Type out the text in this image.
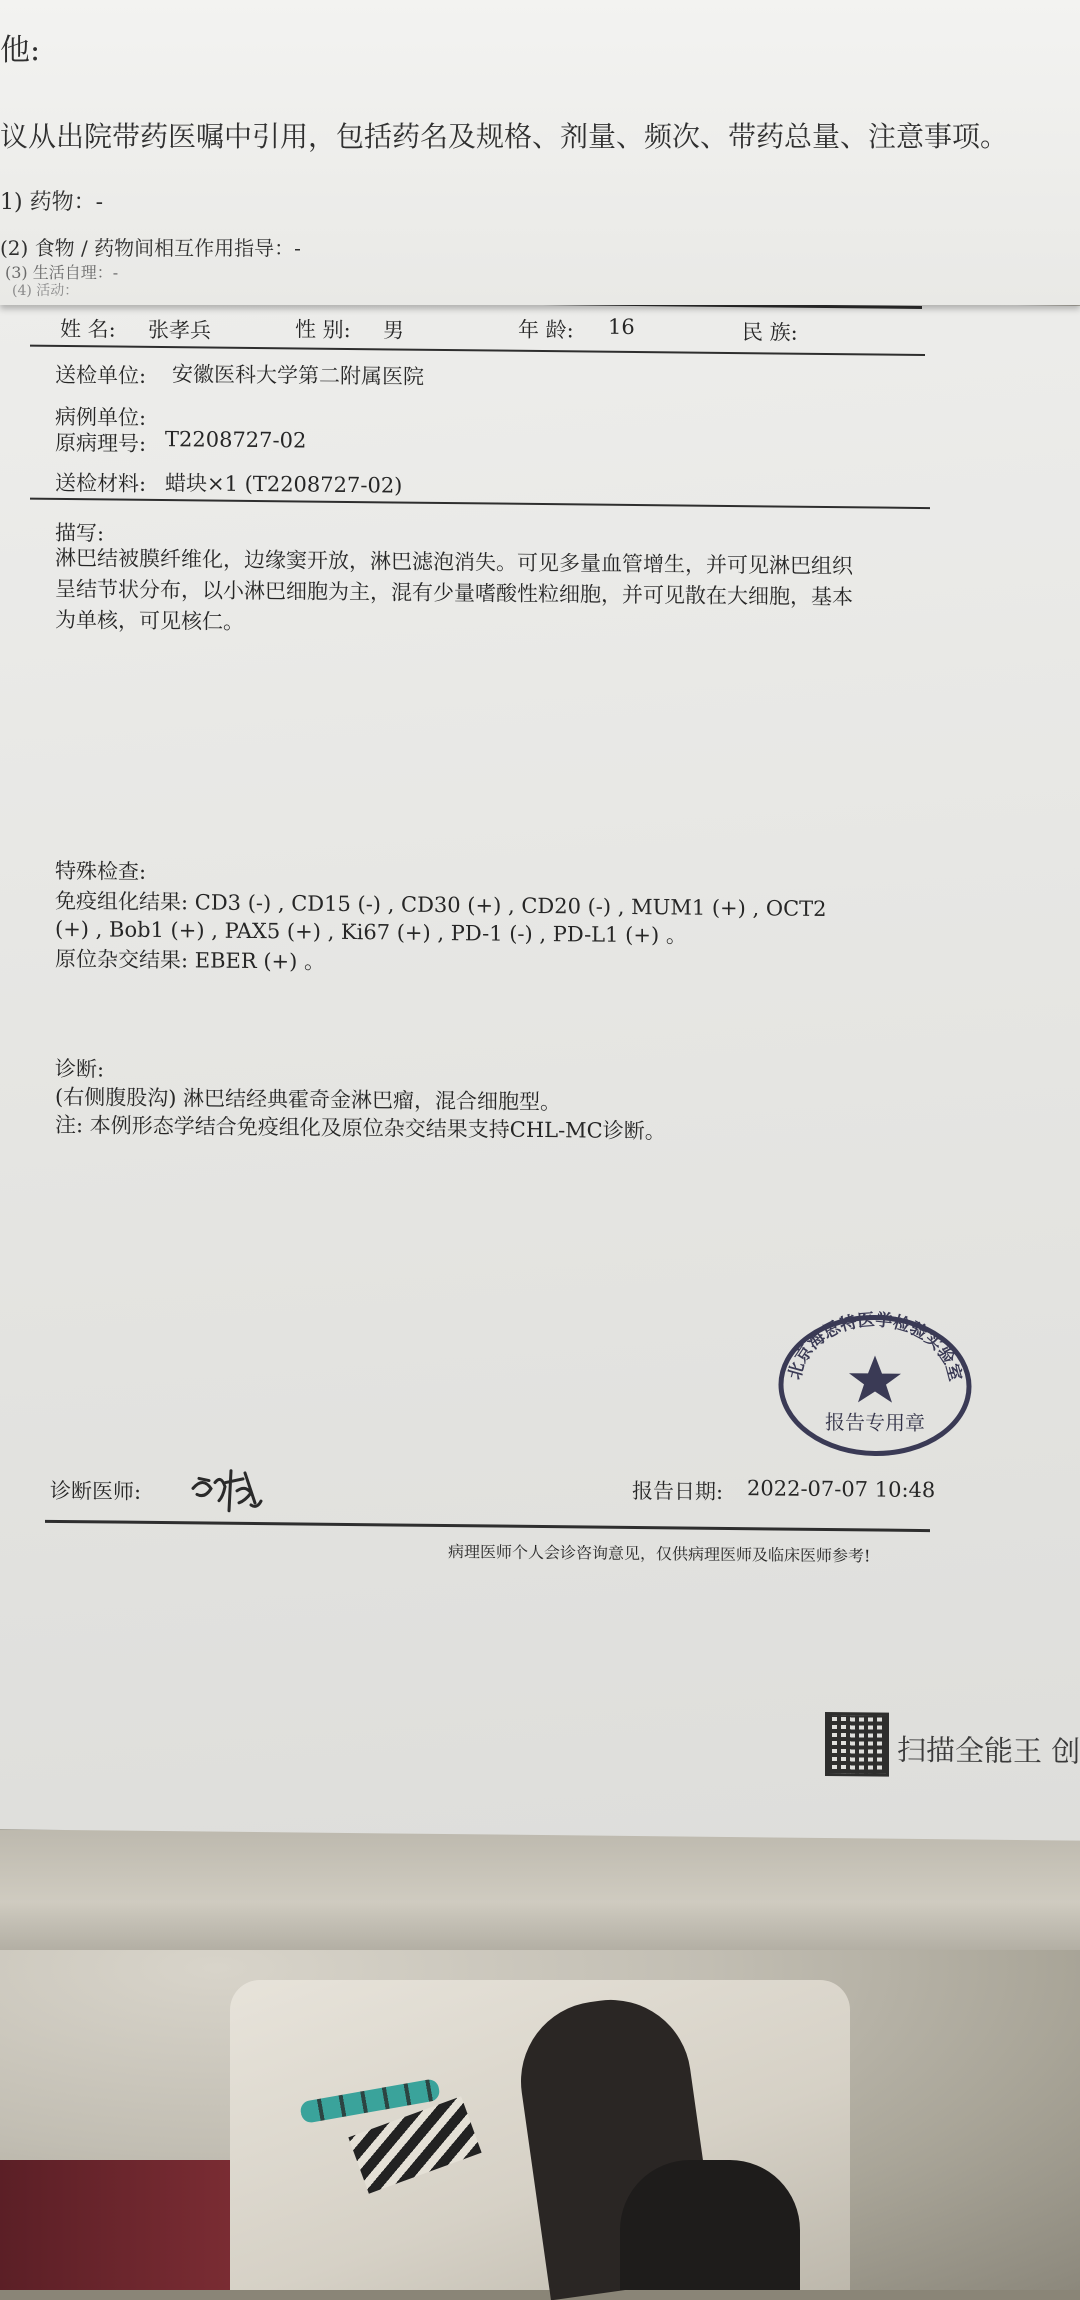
他:
议从出院带药医嘱中引用，包括药名及规格、剂量、频次、带药总量、注意事项。
1) 药物：-
(2) 食物 / 药物间相互作用指导：-
(3) 生活自理：-
(4) 活动：
姓 名: 张孝兵	性 别: 男	年 龄: 16	民 族:
送检单位: 安徽医科大学第二附属医院
病例单位:
原病理号: T2208727-02
送检材料: 蜡块×1 (T2208727-02)
描写:
淋巴结被膜纤维化，边缘窦开放，淋巴滤泡消失。可见多量血管增生，并可见淋巴组织
呈结节状分布，以小淋巴细胞为主，混有少量嗜酸性粒细胞，并可见散在大细胞，基本
为单核，可见核仁。
特殊检查:
免疫组化结果: CD3 (-) , CD15 (-) , CD30 (+) , CD20 (-) , MUM1 (+) , OCT2
(+) , Bob1 (+) , PAX5 (+) , Ki67 (+) , PD-1 (-) , PD-L1 (+) 。
原位杂交结果: EBER (+) 。
诊断:
(右侧腹股沟) 淋巴结经典霍奇金淋巴瘤，混合细胞型。
注: 本例形态学结合免疫组化及原位杂交结果支持CHL-MC诊断。
北京海思特医学检验实验室
报告专用章
诊断医师:	报告日期: 2022-07-07 10:48
病理医师个人会诊咨询意见，仅供病理医师及临床医师参考!
扫描全能王 创
